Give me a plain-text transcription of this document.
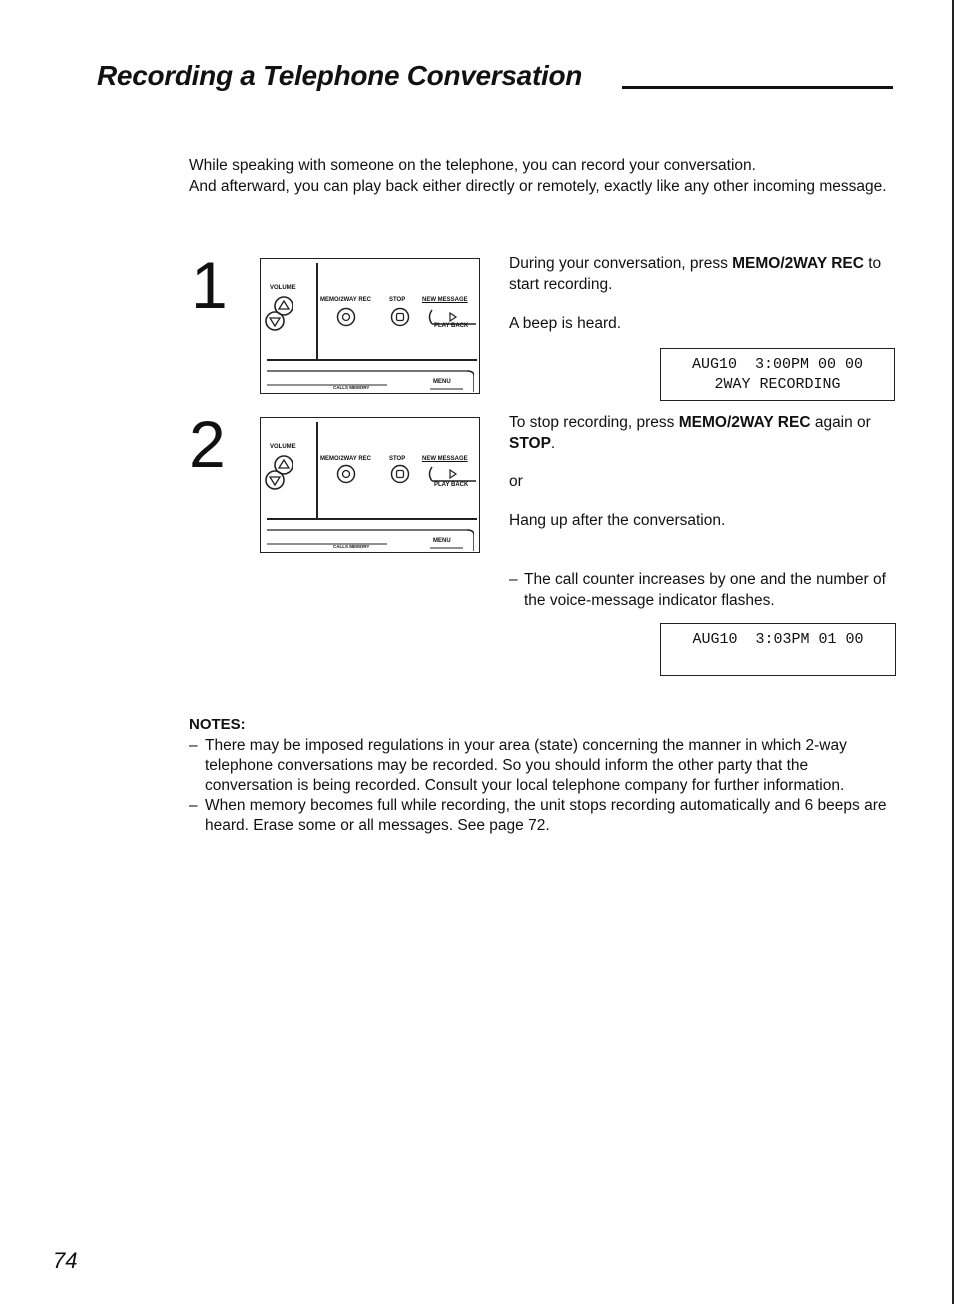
Recording a Telephone Conversation

While speaking with someone on the telephone, you can record your conversation.

And afterward, you can play back either directly or remotely, exactly like any other incoming message.

1	VOLUME
MEMO/2WAY REC	STOP	NEW MESSAGE
PLAY BACK
CALLS MEMORY
MENU
During your conversation, press MEMO/2WAY REC to start recording.
A beep is heard.
AUG10  3:00PM 00 00
2WAY RECORDING
2	VOLUME
MEMO/2WAY REC	STOP	NEW MESSAGE
PLAY BACK
CALLS MEMORY
MENU
To stop recording, press MEMO/2WAY REC again or STOP.
or
Hang up after the conversation.
– The call counter increases by one and the number of the voice-message indicator flashes.
AUG10  3:03PM 01 00
NOTES:

– There may be imposed regulations in your area (state) concerning the manner in which 2-way telephone conversations may be recorded. So you should inform the other party that the conversation is being recorded. Consult your local telephone company for further information.

– When memory becomes full while recording, the unit stops recording automatically and 6 beeps are heard. Erase some or all messages. See page 72.

74
